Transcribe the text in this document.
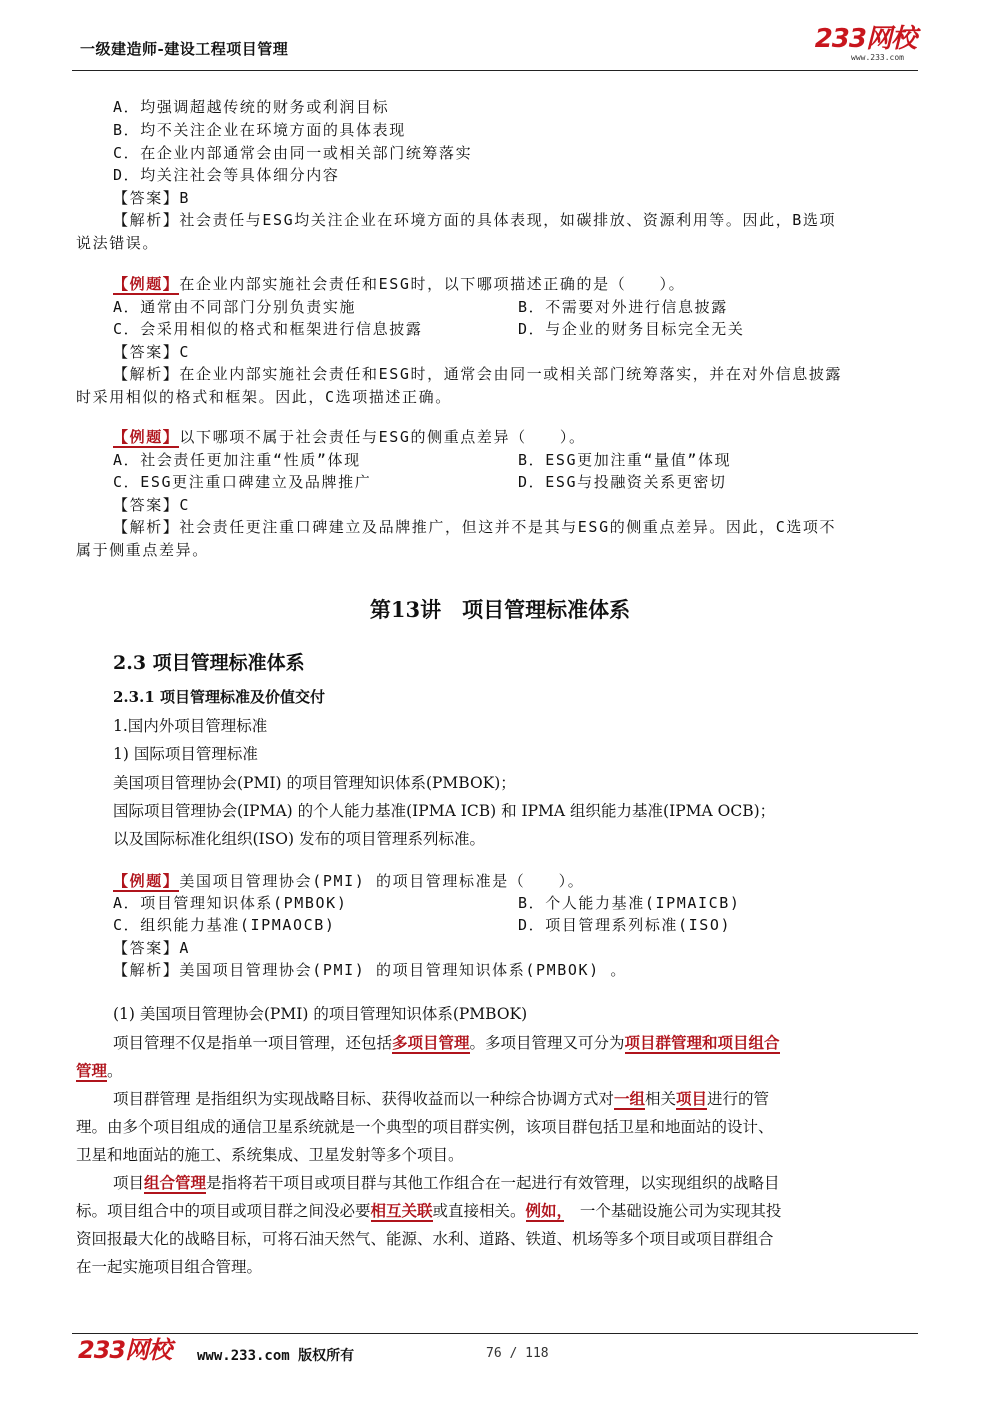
一级建造师-建设工程项目管理	233网校
www.233.com
A．均强调超越传统的财务或利润目标
B．均不关注企业在环境方面的具体表现
C．在企业内部通常会由同一或相关部门统筹落实
D．均关注社会等具体细分内容
【答案】B
【解析】社会责任与ESG均关注企业在环境方面的具体表现，如碳排放、资源利用等。因此，B选项
说法错误。
【例题】在企业内部实施社会责任和ESG时，以下哪项描述正确的是（　　）。
A．通常由不同部门分别负责实施	B．不需要对外进行信息披露
C．会采用相似的格式和框架进行信息披露	D．与企业的财务目标完全无关
【答案】C
【解析】在企业内部实施社会责任和ESG时，通常会由同一或相关部门统筹落实，并在对外信息披露
时采用相似的格式和框架。因此，C选项描述正确。
【例题】以下哪项不属于社会责任与ESG的侧重点差异（　　）。
A．社会责任更加注重“性质”体现	B．ESG更加注重“量值”体现
C．ESG更注重口碑建立及品牌推广	D．ESG与投融资关系更密切
【答案】C
【解析】社会责任更注重口碑建立及品牌推广，但这并不是其与ESG的侧重点差异。因此，C选项不
属于侧重点差异。
第13讲　项目管理标准体系
2.3 项目管理标准体系
2.3.1 项目管理标准及价值交付
1.国内外项目管理标准
1) 国际项目管理标准
美国项目管理协会(PMI) 的项目管理知识体系(PMBOK)；
国际项目管理协会(IPMA) 的个人能力基准(IPMA ICB) 和 IPMA 组织能力基准(IPMA OCB)；
以及国际标准化组织(ISO) 发布的项目管理系列标准。
【例题】美国项目管理协会(PMI) 的项目管理标准是（　　）。
A．项目管理知识体系(PMBOK)	B．个人能力基准(IPMAICB)
C．组织能力基准(IPMAOCB)	D．项目管理系列标准(ISO)
【答案】A
【解析】美国项目管理协会(PMI) 的项目管理知识体系(PMBOK) 。
(1) 美国项目管理协会(PMI) 的项目管理知识体系(PMBOK)
项目管理不仅是指单一项目管理，还包括多项目管理。多项目管理又可分为项目群管理和项目组合
管理。
项目群管理 是指组织为实现战略目标、获得收益而以一种综合协调方式对一组相关项目进行的管
理。由多个项目组成的通信卫星系统就是一个典型的项目群实例，该项目群包括卫星和地面站的设计、
卫星和地面站的施工、系统集成、卫星发射等多个项目。
项目组合管理是指将若干项目或项目群与其他工作组合在一起进行有效管理，以实现组织的战略目
标。项目组合中的项目或项目群之间没必要相互关联或直接相关。例如，　 一个基础设施公司为实现其投
资回报最大化的战略目标，可将石油天然气、能源、水利、道路、铁道、机场等多个项目或项目群组合
在一起实施项目组合管理。
233网校 www.233.com 版权所有	76 / 118
